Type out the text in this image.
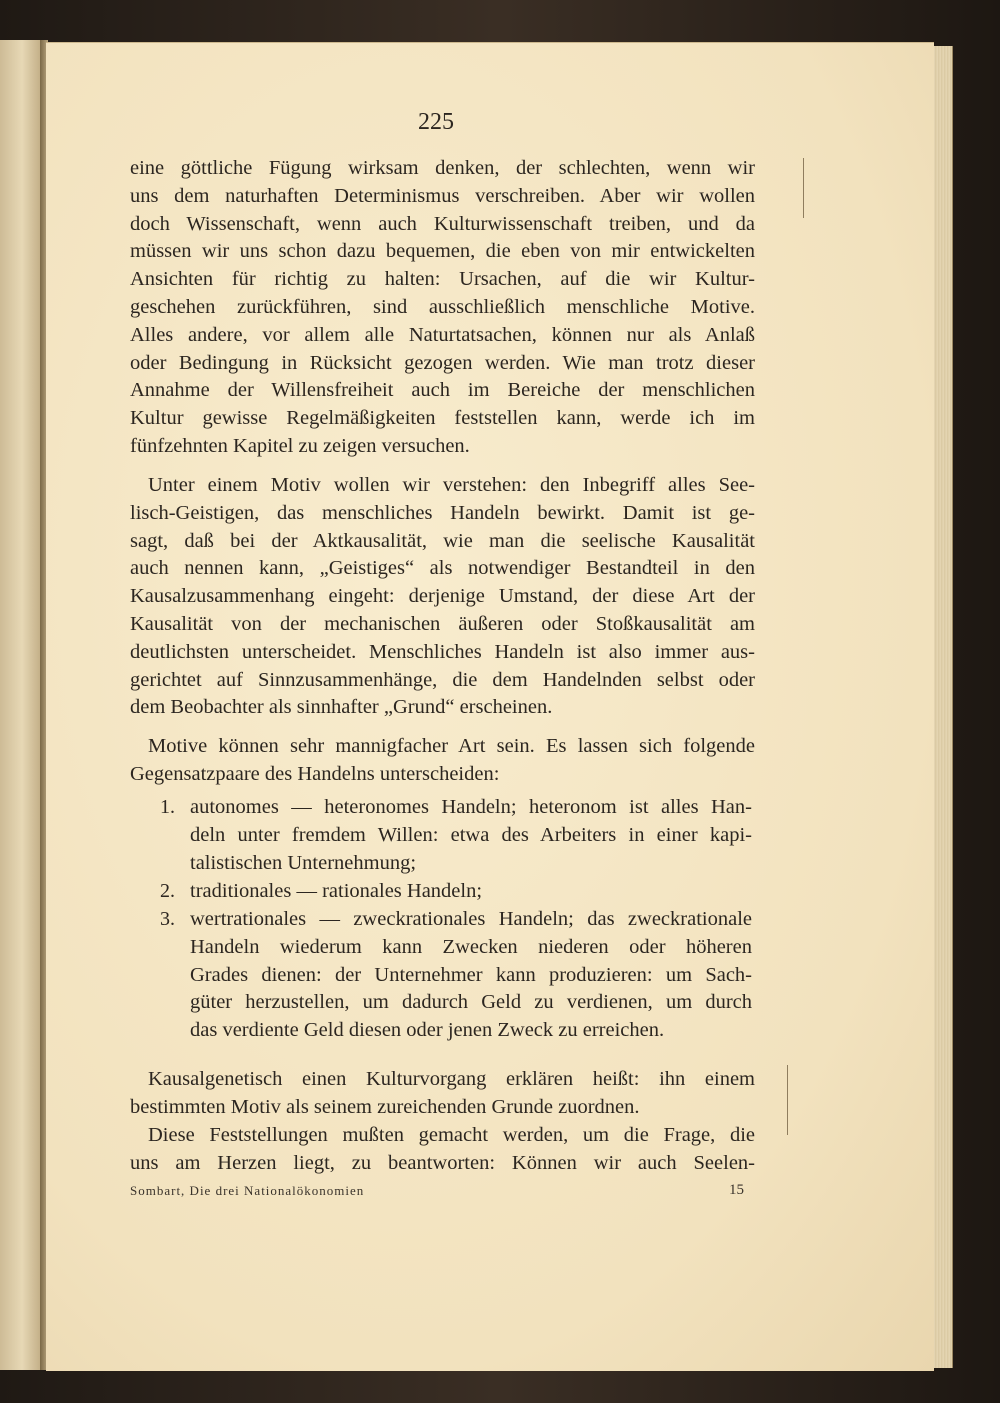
225
eine göttliche Fügung wirksam denken, der schlechten, wenn wir
uns dem naturhaften Determinismus verschreiben. Aber wir wollen
doch Wissenschaft, wenn auch Kulturwissenschaft treiben, und da
müssen wir uns schon dazu bequemen, die eben von mir entwickelten
Ansichten für richtig zu halten: Ursachen, auf die wir Kultur-
geschehen zurückführen, sind ausschließlich menschliche Motive.
Alles andere, vor allem alle Naturtatsachen, können nur als Anlaß
oder Bedingung in Rücksicht gezogen werden. Wie man trotz dieser
Annahme der Willensfreiheit auch im Bereiche der menschlichen
Kultur gewisse Regelmäßigkeiten feststellen kann, werde ich im
fünfzehnten Kapitel zu zeigen versuchen.
Unter einem Motiv wollen wir verstehen: den Inbegriff alles See-
lisch-Geistigen, das menschliches Handeln bewirkt. Damit ist ge-
sagt, daß bei der Aktkausalität, wie man die seelische Kausalität
auch nennen kann, „Geistiges“ als notwendiger Bestandteil in den
Kausalzusammenhang eingeht: derjenige Umstand, der diese Art der
Kausalität von der mechanischen äußeren oder Stoßkausalität am
deutlichsten unterscheidet. Menschliches Handeln ist also immer aus-
gerichtet auf Sinnzusammenhänge, die dem Handelnden selbst oder
dem Beobachter als sinnhafter „Grund“ erscheinen.
Motive können sehr mannigfacher Art sein. Es lassen sich folgende
Gegensatzpaare des Handelns unterscheiden:
1. autonomes — heteronomes Handeln; heteronom ist alles Han-
deln unter fremdem Willen: etwa des Arbeiters in einer kapi-
talistischen Unternehmung;
2. traditionales — rationales Handeln;
3. wertrationales — zweckrationales Handeln; das zweckrationale
Handeln wiederum kann Zwecken niederen oder höheren
Grades dienen: der Unternehmer kann produzieren: um Sach-
güter herzustellen, um dadurch Geld zu verdienen, um durch
das verdiente Geld diesen oder jenen Zweck zu erreichen.
Kausalgenetisch einen Kulturvorgang erklären heißt: ihn einem
bestimmten Motiv als seinem zureichenden Grunde zuordnen.
Diese Feststellungen mußten gemacht werden, um die Frage, die
uns am Herzen liegt, zu beantworten: Können wir auch Seelen-
Sombart, Die drei Nationalökonomien	15
